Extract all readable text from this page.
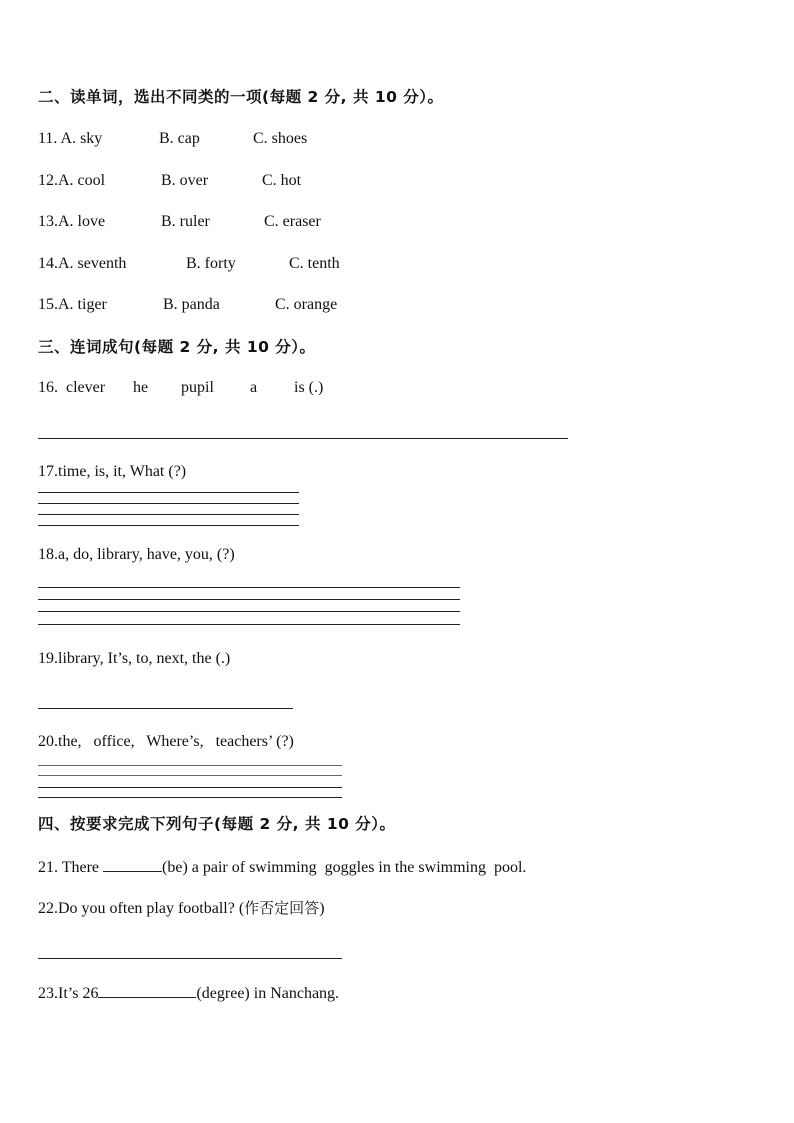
二、读单词，选出不同类的一项(每题 2 分, 共 10 分）。
11. A. sky	B. cap	C. shoes
12.A. cool	B. over	C. hot
13.A. love	B. ruler	C. eraser
14.A. seventh	B. forty	C. tenth
15.A. tiger	B. panda	C. orange
三、连词成句(每题 2 分, 共 10 分）。
16. clever he pupil a is (.)
17.time, is, it, What (?)
18.a, do, library, have, you, (?)
19.library, It’s, to, next, the (.)
20.the,   office,   Where’s,   teachers’ (?)
四、按要求完成下列句子(每题 2 分, 共 10 分）。
21. There	(be) a pair of swimming  goggles in the swimming  pool.
22.Do you often play football? (作否定回答)
23.It’s 26	(degree) in Nanchang.
